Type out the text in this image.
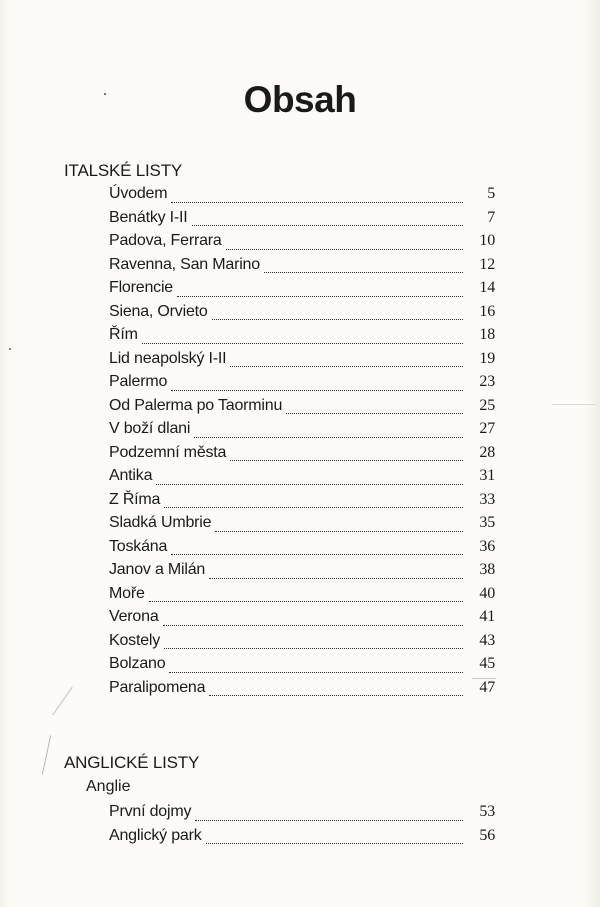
Obsah
ITALSKÉ LISTY
Úvodem	5
Benátky I-II	7
Padova, Ferrara	10
Ravenna, San Marino	12
Florencie	14
Siena, Orvieto	16
Řím	18
Lid neapolský I-II	19
Palermo	23
Od Palerma po Taorminu	25
V boží dlani	27
Podzemní města	28
Antika	31
Z Říma	33
Sladká Umbrie	35
Toskána	36
Janov a Milán	38
Moře	40
Verona	41
Kostely	43
Bolzano	45
Paralipomena	47
ANGLICKÉ LISTY
Anglie
První dojmy	53
Anglický park	56
